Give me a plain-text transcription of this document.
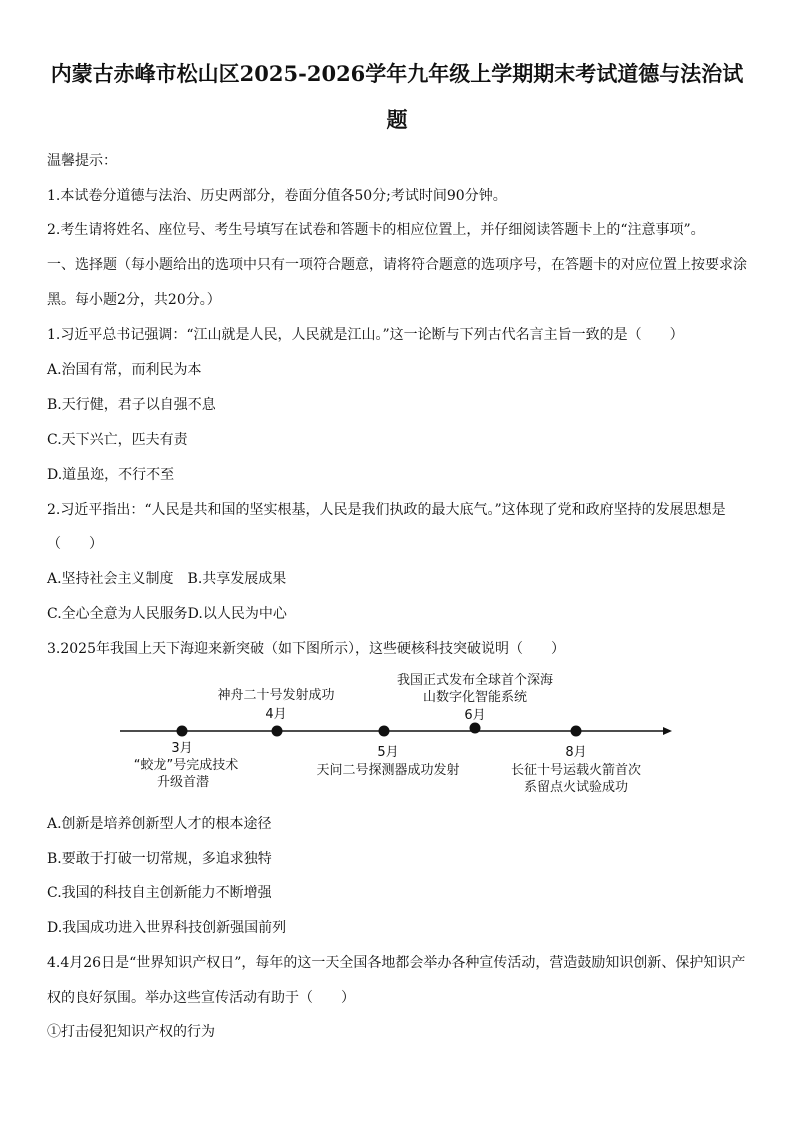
内蒙古赤峰市松山区2025-2026学年九年级上学期期末考试道德与法治试
题
温馨提示：
1.本试卷分道德与法治、历史两部分，卷面分值各50分;考试时间90分钟。
2.考生请将姓名、座位号、考生号填写在试卷和答题卡的相应位置上，并仔细阅读答题卡上的“注意事项”。
一、选择题（每小题给出的选项中只有一项符合题意，请将符合题意的选项序号，在答题卡的对应位置上按要求涂
黑。每小题2分，共20分。）
1.习近平总书记强调：“江山就是人民，人民就是江山。”这一论断与下列古代名言主旨一致的是（　　）
A.治国有常，而利民为本
B.天行健，君子以自强不息
C.天下兴亡，匹夫有责
D.道虽迩，不行不至
2.习近平指出：“人民是共和国的坚实根基，人民是我们执政的最大底气。”这体现了党和政府坚持的发展思想是
（　　）
A.坚持社会主义制度　B.共享发展成果
C.全心全意为人民服务D.以人民为中心
3.2025年我国上天下海迎来新突破（如下图所示），这些硬核科技突破说明（　　）
3月
“蛟龙”号完成技术
升级首潜
神舟二十号发射成功
4月
5月
天问二号探测器成功发射
我国正式发布全球首个深海
山数字化智能系统
6月
8月
长征十号运载火箭首次
系留点火试验成功
A.创新是培养创新型人才的根本途径
B.要敢于打破一切常规，多追求独特
C.我国的科技自主创新能力不断增强
D.我国成功进入世界科技创新强国前列
4.4月26日是“世界知识产权日”，每年的这一天全国各地都会举办各种宣传活动，营造鼓励知识创新、保护知识产
权的良好氛围。举办这些宣传活动有助于（　　）
①打击侵犯知识产权的行为
